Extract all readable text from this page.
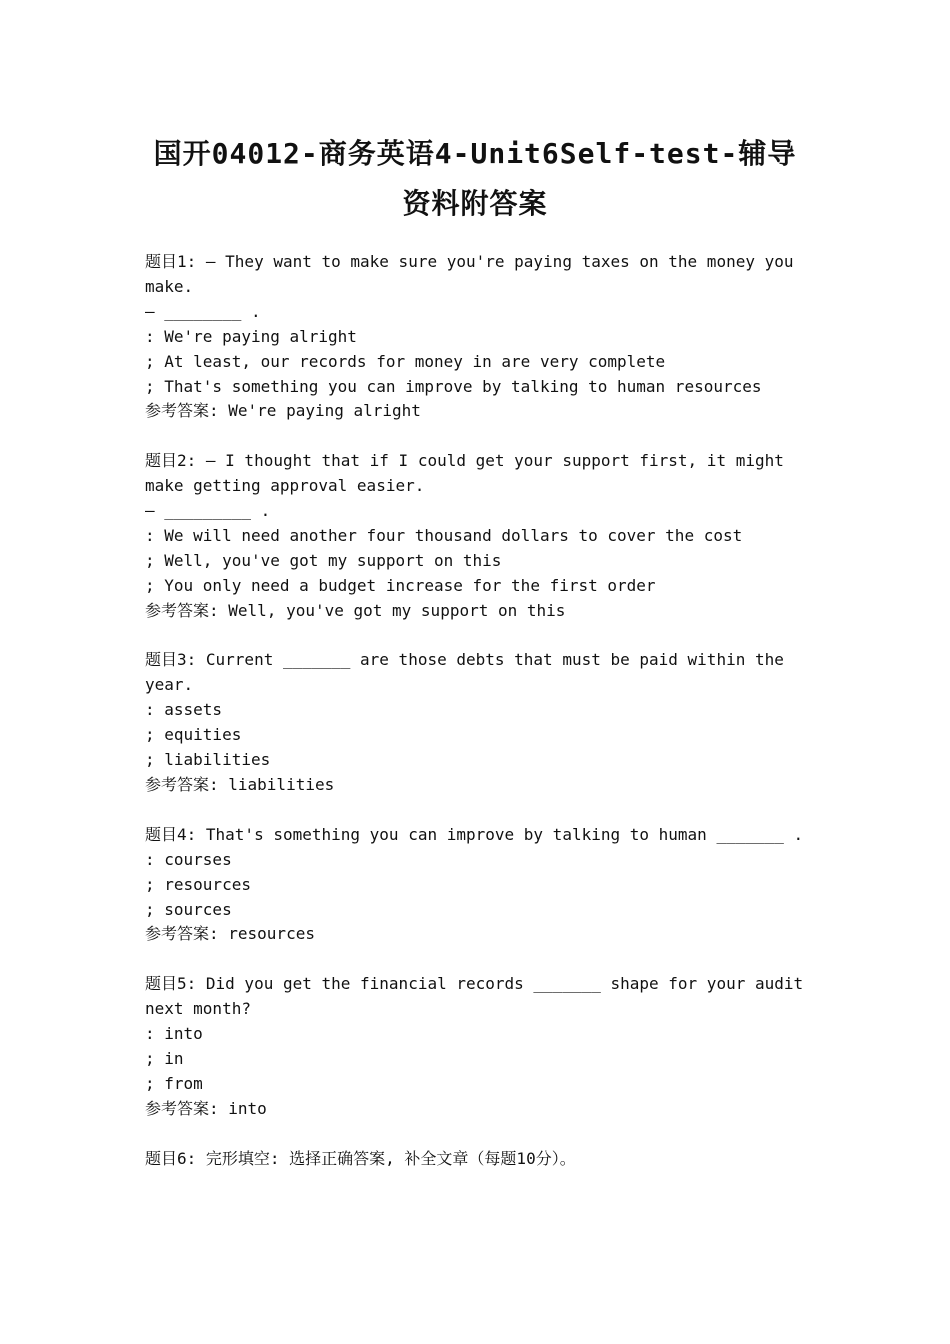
国开04012-商务英语4-Unit6Self-test-辅导
资料附答案
题目1: — They want to make sure you're paying taxes on the money you make.
— ________ .
: We're paying alright
; At least, our records for money in are very complete
; That's something you can improve by talking to human resources
参考答案: We're paying alright
题目2: — I thought that if I could get your support first, it might make getting approval easier.
— _________ .
: We will need another four thousand dollars to cover the cost
; Well, you've got my support on this
; You only need a budget increase for the first order
参考答案: Well, you've got my support on this
题目3: Current _______ are those debts that must be paid within the year.
: assets
; equities
; liabilities
参考答案: liabilities
题目4: That's something you can improve by talking to human _______ .
: courses
; resources
; sources
参考答案: resources
题目5: Did you get the financial records _______ shape for your audit next month?
: into
; in
; from
参考答案: into
题目6: 完形填空: 选择正确答案, 补全文章（每题10分）。
